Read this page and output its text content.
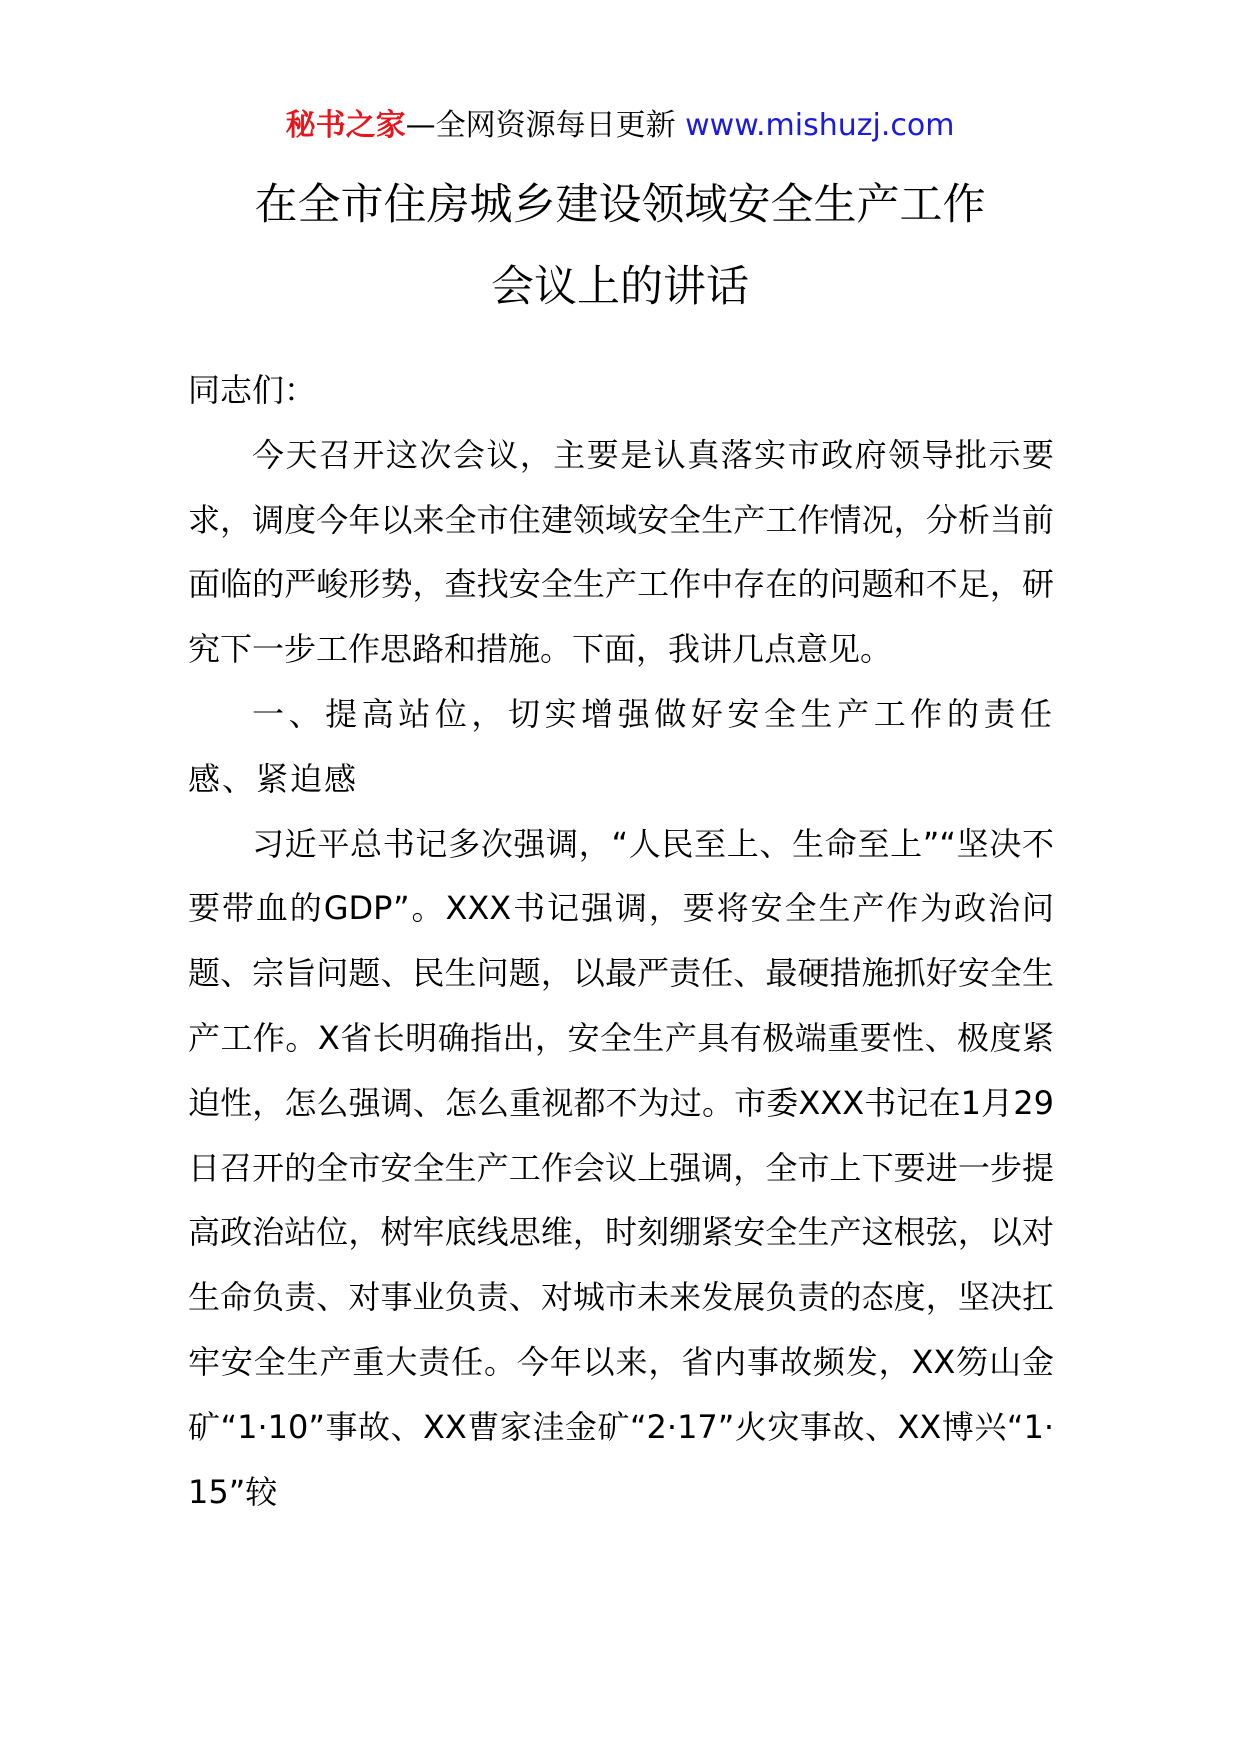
秘书之家—全网资源每日更新 www.mishuzj.com
在全市住房城乡建设领域安全生产工作
会议上的讲话

同志们：

今天召开这次会议，主要是认真落实市政府领导批示要求，调度今年以来全市住建领域安全生产工作情况，分析当前面临的严峻形势，查找安全生产工作中存在的问题和不足，研究下一步工作思路和措施。下面，我讲几点意见。

一、提高站位，切实增强做好安全生产工作的责任感、紧迫感

习近平总书记多次强调，“人民至上、生命至上”“坚决不要带血的GDP”。XXX书记强调，要将安全生产作为政治问题、宗旨问题、民生问题，以最严责任、最硬措施抓好安全生产工作。X省长明确指出，安全生产具有极端重要性、极度紧迫性，怎么强调、怎么重视都不为过。市委XXX书记在1月29日召开的全市安全生产工作会议上强调，全市上下要进一步提高政治站位，树牢底线思维，时刻绷紧安全生产这根弦，以对生命负责、对事业负责、对城市未来发展负责的态度，坚决扛牢安全生产重大责任。今年以来，省内事故频发，XX笏山金矿“1·10”事故、XX曹家洼金矿“2·17”火灾事故、XX博兴“1·15”较
